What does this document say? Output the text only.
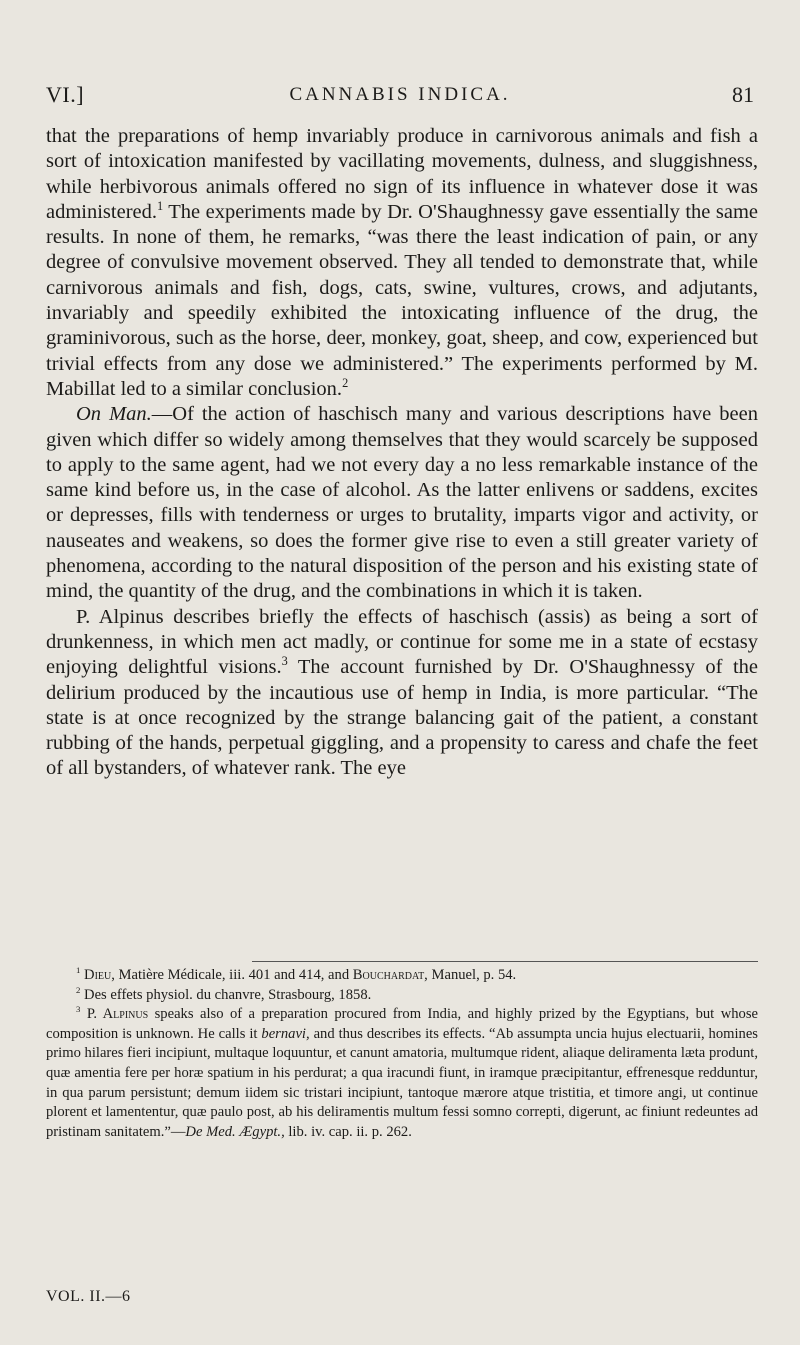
VI.]	CANNABIS INDICA.	81

that the preparations of hemp invariably produce in carnivorous animals and fish a sort of intoxication manifested by vacillating movements, dulness, and sluggishness, while herbivorous animals offered no sign of its influence in whatever dose it was administered.$^1$ The experiments made by Dr. O'Shaughnessy gave essentially the same results. In none of them, he remarks, “was there the least indication of pain, or any degree of convulsive movement observed. They all tended to demonstrate that, while carnivorous animals and fish, dogs, cats, swine, vultures, crows, and adjutants, invariably and speedily exhibited the intoxicating influence of the drug, the graminivorous, such as the horse, deer, monkey, goat, sheep, and cow, experienced but trivial effects from any dose we administered.” The experiments performed by M. Mabillat led to a similar conclusion.$^2$

On Man.—Of the action of haschisch many and various descriptions have been given which differ so widely among themselves that they would scarcely be supposed to apply to the same agent, had we not every day a no less remarkable instance of the same kind before us, in the case of alcohol. As the latter enlivens or saddens, excites or depresses, fills with tenderness or urges to brutality, imparts vigor and activity, or nauseates and weakens, so does the former give rise to even a still greater variety of phenomena, according to the natural disposition of the person and his existing state of mind, the quantity of the drug, and the combinations in which it is taken.

P. Alpinus describes briefly the effects of haschisch (assis) as being a sort of drunkenness, in which men act madly, or continue for some me in a state of ecstasy enjoying delightful visions.$^3$ The account furnished by Dr. O'Shaughnessy of the delirium produced by the incautious use of hemp in India, is more particular. “The state is at once recognized by the strange balancing gait of the patient, a constant rubbing of the hands, perpetual giggling, and a propensity to caress and chafe the feet of all bystanders, of whatever rank. The eye

$^1$ Dieu, Matière Médicale, iii. 401 and 414, and Bouchardat, Manuel, p. 54.

$^2$ Des effets physiol. du chanvre, Strasbourg, 1858.

$^3$ P. Alpinus speaks also of a preparation procured from India, and highly prized by the Egyptians, but whose composition is unknown. He calls it bernavi, and thus describes its effects. “Ab assumpta uncia hujus electuarii, homines primo hilares fieri incipiunt, multaque loquuntur, et canunt amatoria, multumque rident, aliaque deliramenta læta produnt, quæ amentia fere per horæ spatium in his perdurat; a qua iracundi fiunt, in iramque præcipitantur, effrenesque redduntur, in qua parum persistunt; demum iidem sic tristari incipiunt, tantoque mærore atque tristitia, et timore angi, ut continue plorent et lamententur, quæ paulo post, ab his deliramentis multum fessi somno correpti, digerunt, ac finiunt redeuntes ad pristinam sanitatem.”—De Med. Ægypt., lib. iv. cap. ii. p. 262.

VOL. II.—6
